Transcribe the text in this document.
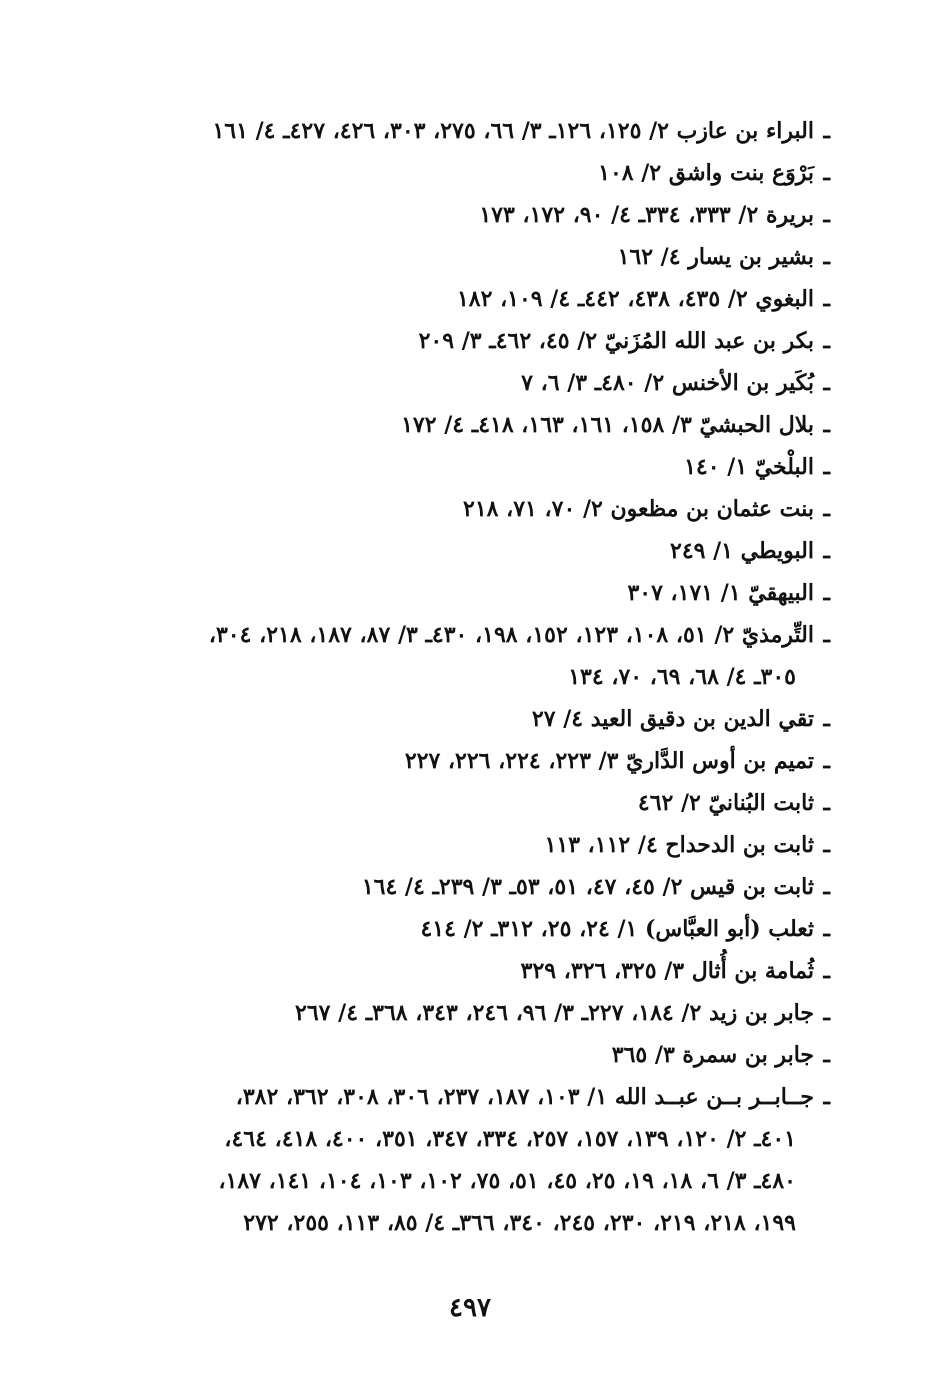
ـ
البراء بن عازب ٢/ ١٢٥، ١٢٦ـ ٣/ ٦٦، ٢٧٥، ٣٠٣، ٤٢٦، ٤٢٧ـ ٤/ ١٦١
ـ
بَرْوَع بنت واشق ٢/ ١٠٨
ـ
بريرة ٢/ ٣٣٣، ٣٣٤ـ ٤/ ٩٠، ١٧٢، ١٧٣
ـ
بشير بن يسار ٤/ ١٦٢
ـ
البغوي ٢/ ٤٣٥، ٤٣٨، ٤٤٢ـ ٤/ ١٠٩، ١٨٢
ـ
بكر بن عبد الله المُزَنيّ ٢/ ٤٥، ٤٦٢ـ ٣/ ٢٠٩
ـ
بُكَير بن الأخنس ٢/ ٤٨٠ـ ٣/ ٦، ٧
ـ
بلال الحبشيّ ٣/ ١٥٨، ١٦١، ١٦٣، ٤١٨ـ ٤/ ١٧٢
ـ
البلْخيّ ١/ ١٤٠
ـ
بنت عثمان بن مظعون ٢/ ٧٠، ٧١، ٢١٨
ـ
البويطي ١/ ٢٤٩
ـ
البيهقيّ ١/ ١٧١، ٣٠٧
ـ
التِّرمذيّ ٢/ ٥١، ١٠٨، ١٢٣، ١٥٢، ١٩٨، ٤٣٠ـ ٣/ ٨٧، ١٨٧، ٢١٨، ٣٠٤،
٣٠٥ـ ٤/ ٦٨، ٦٩، ٧٠، ١٣٤
ـ
تقي الدين بن دقيق العيد ٤/ ٢٧
ـ
تميم بن أوس الدَّاريّ ٣/ ٢٢٣، ٢٢٤، ٢٢٦، ٢٢٧
ـ
ثابت البُنانيّ ٢/ ٤٦٢
ـ
ثابت بن الدحداح ٤/ ١١٢، ١١٣
ـ
ثابت بن قيس ٢/ ٤٥، ٤٧، ٥١، ٥٣ـ ٣/ ٢٣٩ـ ٤/ ١٦٤
ـ
ثعلب (أبو العبَّاس) ١/ ٢٤، ٢٥، ٣١٢ـ ٢/ ٤١٤
ـ
ثُمامة بن أُثال ٣/ ٣٢٥، ٣٢٦، ٣٢٩
ـ
جابر بن زيد ٢/ ١٨٤، ٢٢٧ـ ٣/ ٩٦، ٢٤٦، ٣٤٣، ٣٦٨ـ ٤/ ٢٦٧
ـ
جابر بن سمرة ٣/ ٣٦٥
ـ
جــابــر بــن عبــد الله ١/ ١٠٣، ١٨٧، ٢٣٧، ٣٠٦، ٣٠٨، ٣٦٢، ٣٨٢،
٤٠١ـ ٢/ ١٢٠، ١٣٩، ١٥٧، ٢٥٧، ٣٣٤، ٣٤٧، ٣٥١، ٤٠٠، ٤١٨، ٤٦٤،
٤٨٠ـ ٣/ ٦، ١٨، ١٩، ٢٥، ٤٥، ٥١، ٧٥، ١٠٢، ١٠٣، ١٠٤، ١٤١، ١٨٧،
١٩٩، ٢١٨، ٢١٩، ٢٣٠، ٢٤٥، ٣٤٠، ٣٦٦ـ ٤/ ٨٥، ١١٣، ٢٥٥، ٢٧٢
٤٩٧
